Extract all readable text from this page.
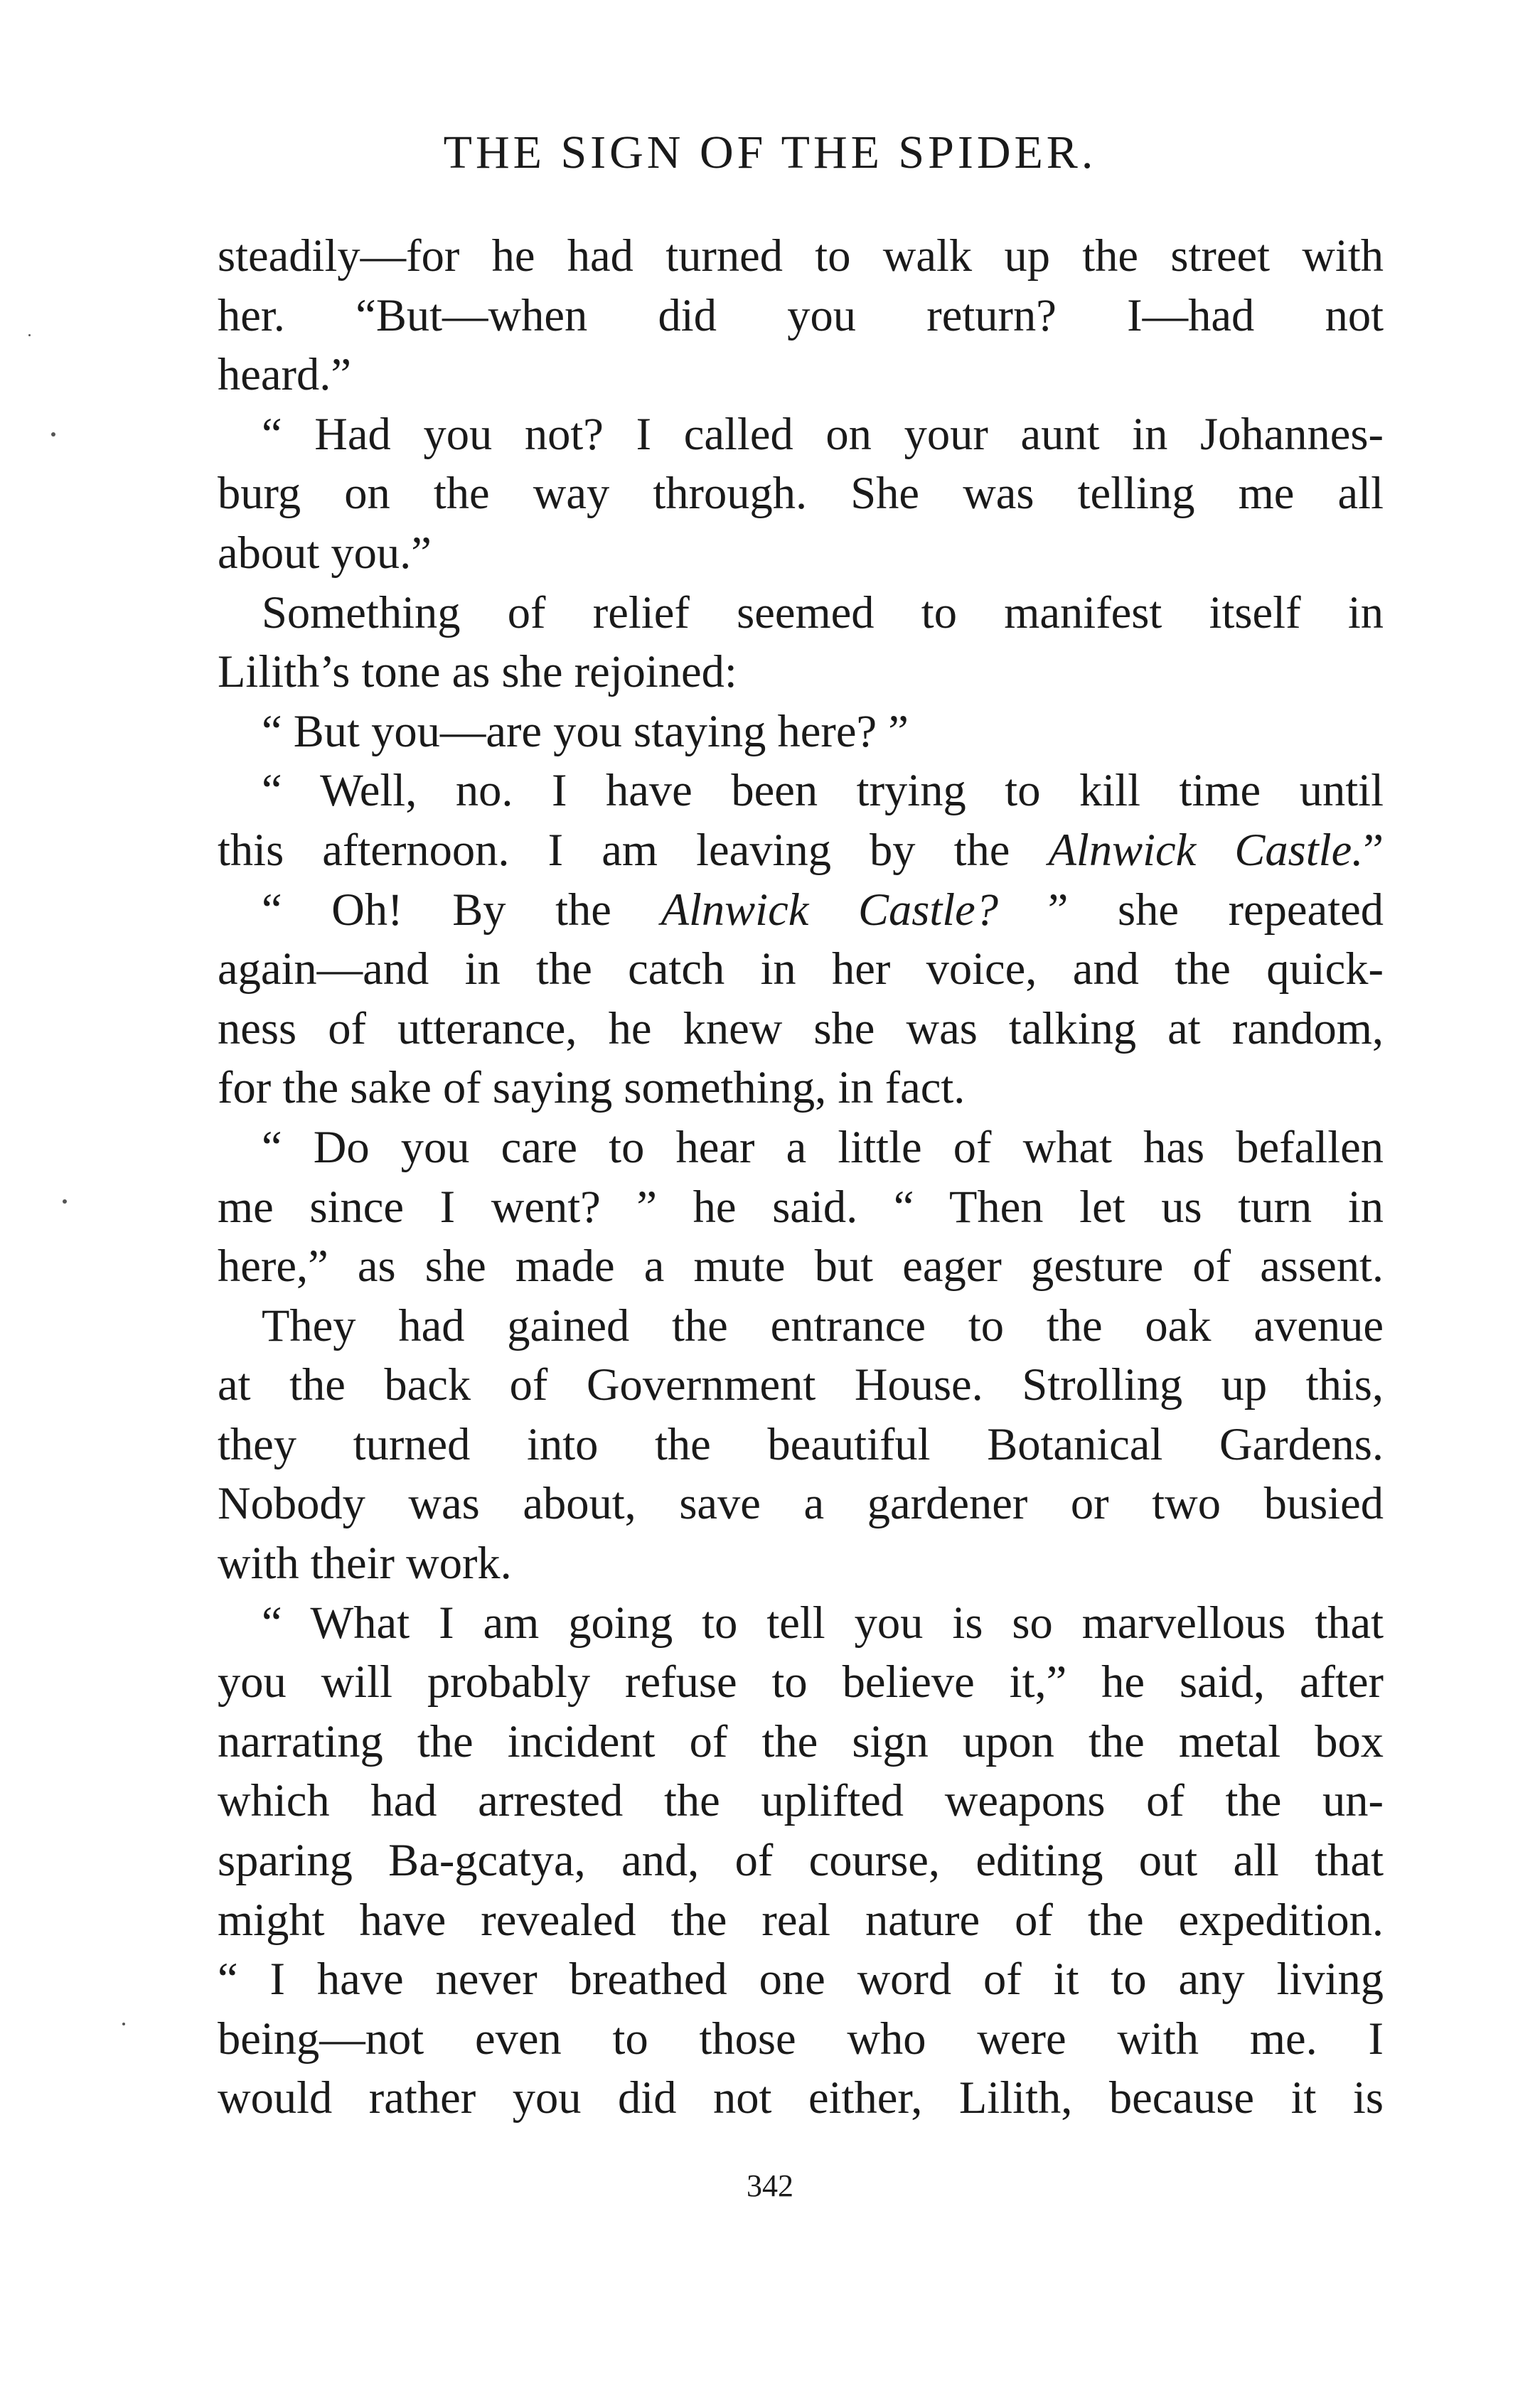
THE SIGN OF THE SPIDER.
steadily—for he had turned to walk up the street with
her. “But—when did you return? I—had not
heard.”
“ Had you not? I called on your aunt in Johannes-
burg on the way through. She was telling me all
about you.”
Something of relief seemed to manifest itself in
Lilith’s tone as she rejoined:
“ But you—are you staying here? ”
“ Well, no. I have been trying to kill time until
this afternoon. I am leaving by the Alnwick Castle.”
“ Oh! By the Alnwick Castle? ” she repeated
again—and in the catch in her voice, and the quick-
ness of utterance, he knew she was talking at random,
for the sake of saying something, in fact.
“ Do you care to hear a little of what has befallen
me since I went? ” he said. “ Then let us turn in
here,” as she made a mute but eager gesture of assent.
They had gained the entrance to the oak avenue
at the back of Government House. Strolling up this,
they turned into the beautiful Botanical Gardens.
Nobody was about, save a gardener or two busied
with their work.
“ What I am going to tell you is so marvellous that
you will probably refuse to believe it,” he said, after
narrating the incident of the sign upon the metal box
which had arrested the uplifted weapons of the un-
sparing Ba-gcatya, and, of course, editing out all that
might have revealed the real nature of the expedition.
“ I have never breathed one word of it to any living
being—not even to those who were with me. I
would rather you did not either, Lilith, because it is
342
